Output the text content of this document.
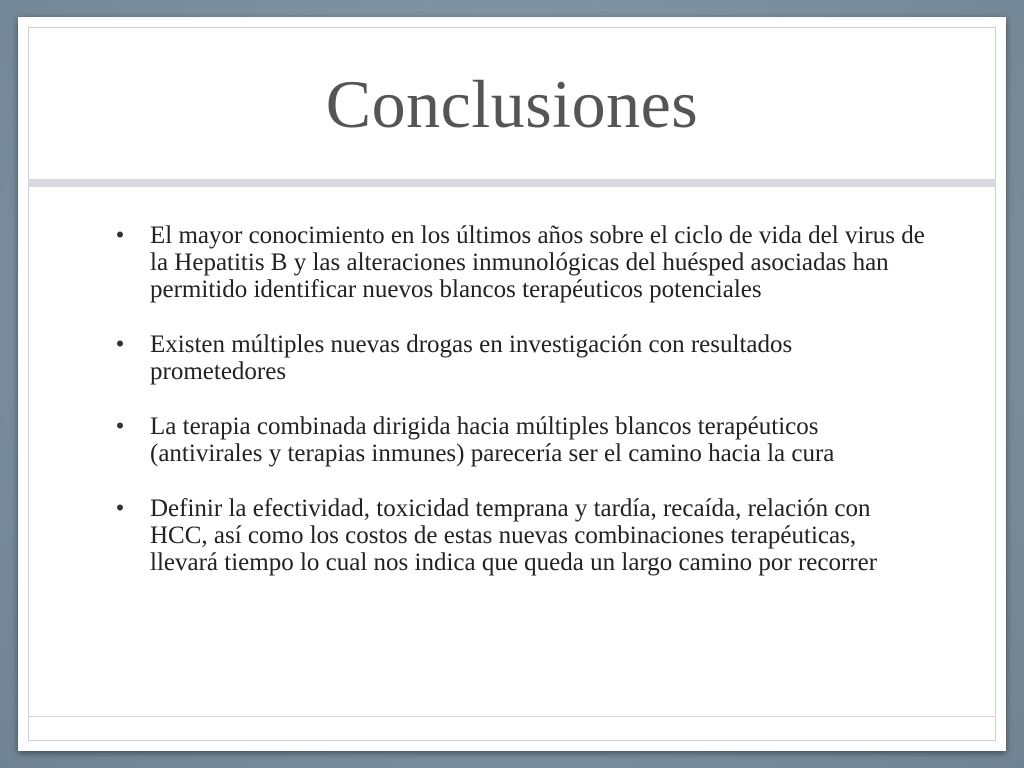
Conclusiones
• El mayor conocimiento en los últimos años sobre el ciclo de vida del virus de la Hepatitis B y las alteraciones inmunológicas del huésped asociadas han permitido identificar nuevos blancos terapéuticos potenciales
• Existen múltiples nuevas drogas en investigación con resultados prometedores
• La terapia combinada dirigida hacia múltiples blancos terapéuticos (antivirales y terapias inmunes) parecería ser el camino hacia la cura
• Definir la efectividad, toxicidad temprana y tardía, recaída, relación con HCC, así como los costos de estas nuevas combinaciones terapéuticas, llevará tiempo lo cual nos indica que queda un largo camino por recorrer
